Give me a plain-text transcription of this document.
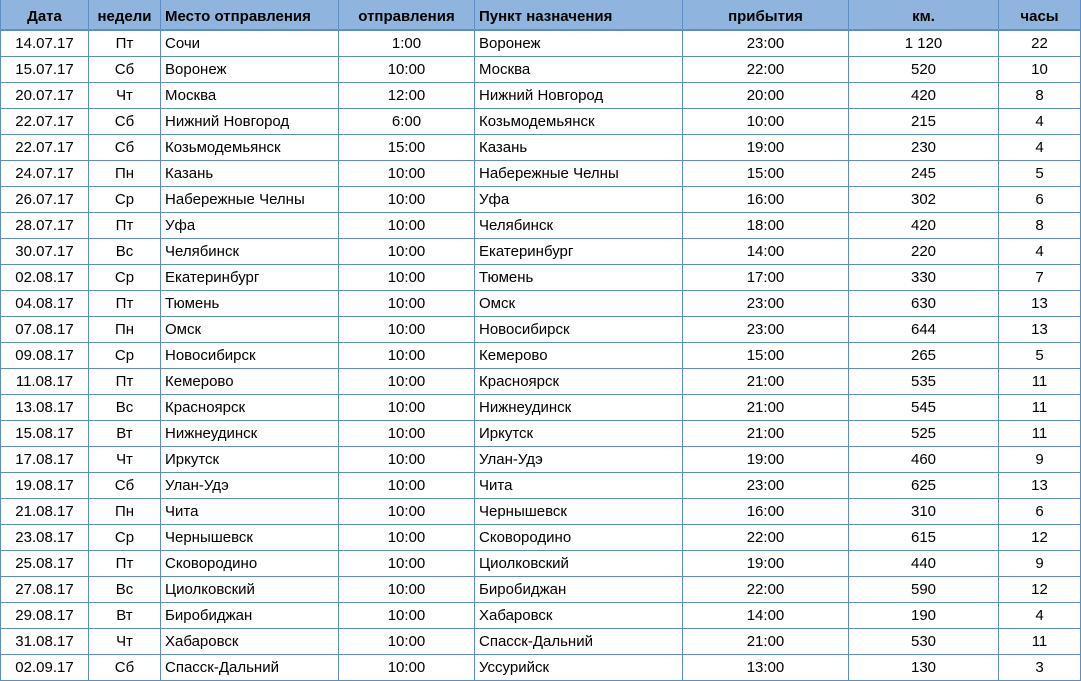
Дата	недели	Место отправления	отправления	Пункт назначения	прибытия	км.	часы
14.07.17	Пт	Сочи	1:00	Воронеж	23:00	1 120	22
15.07.17	Сб	Воронеж	10:00	Москва	22:00	520	10
20.07.17	Чт	Москва	12:00	Нижний Новгород	20:00	420	8
22.07.17	Сб	Нижний Новгород	6:00	Козьмодемьянск	10:00	215	4
22.07.17	Сб	Козьмодемьянск	15:00	Казань	19:00	230	4
24.07.17	Пн	Казань	10:00	Набережные Челны	15:00	245	5
26.07.17	Ср	Набережные Челны	10:00	Уфа	16:00	302	6
28.07.17	Пт	Уфа	10:00	Челябинск	18:00	420	8
30.07.17	Вс	Челябинск	10:00	Екатеринбург	14:00	220	4
02.08.17	Ср	Екатеринбург	10:00	Тюмень	17:00	330	7
04.08.17	Пт	Тюмень	10:00	Омск	23:00	630	13
07.08.17	Пн	Омск	10:00	Новосибирск	23:00	644	13
09.08.17	Ср	Новосибирск	10:00	Кемерово	15:00	265	5
11.08.17	Пт	Кемерово	10:00	Красноярск	21:00	535	11
13.08.17	Вс	Красноярск	10:00	Нижнеудинск	21:00	545	11
15.08.17	Вт	Нижнеудинск	10:00	Иркутск	21:00	525	11
17.08.17	Чт	Иркутск	10:00	Улан-Удэ	19:00	460	9
19.08.17	Сб	Улан-Удэ	10:00	Чита	23:00	625	13
21.08.17	Пн	Чита	10:00	Чернышевск	16:00	310	6
23.08.17	Ср	Чернышевск	10:00	Сковородино	22:00	615	12
25.08.17	Пт	Сковородино	10:00	Циолковский	19:00	440	9
27.08.17	Вс	Циолковский	10:00	Биробиджан	22:00	590	12
29.08.17	Вт	Биробиджан	10:00	Хабаровск	14:00	190	4
31.08.17	Чт	Хабаровск	10:00	Спасск-Дальний	21:00	530	11
02.09.17	Сб	Спасск-Дальний	10:00	Уссурийск	13:00	130	3
